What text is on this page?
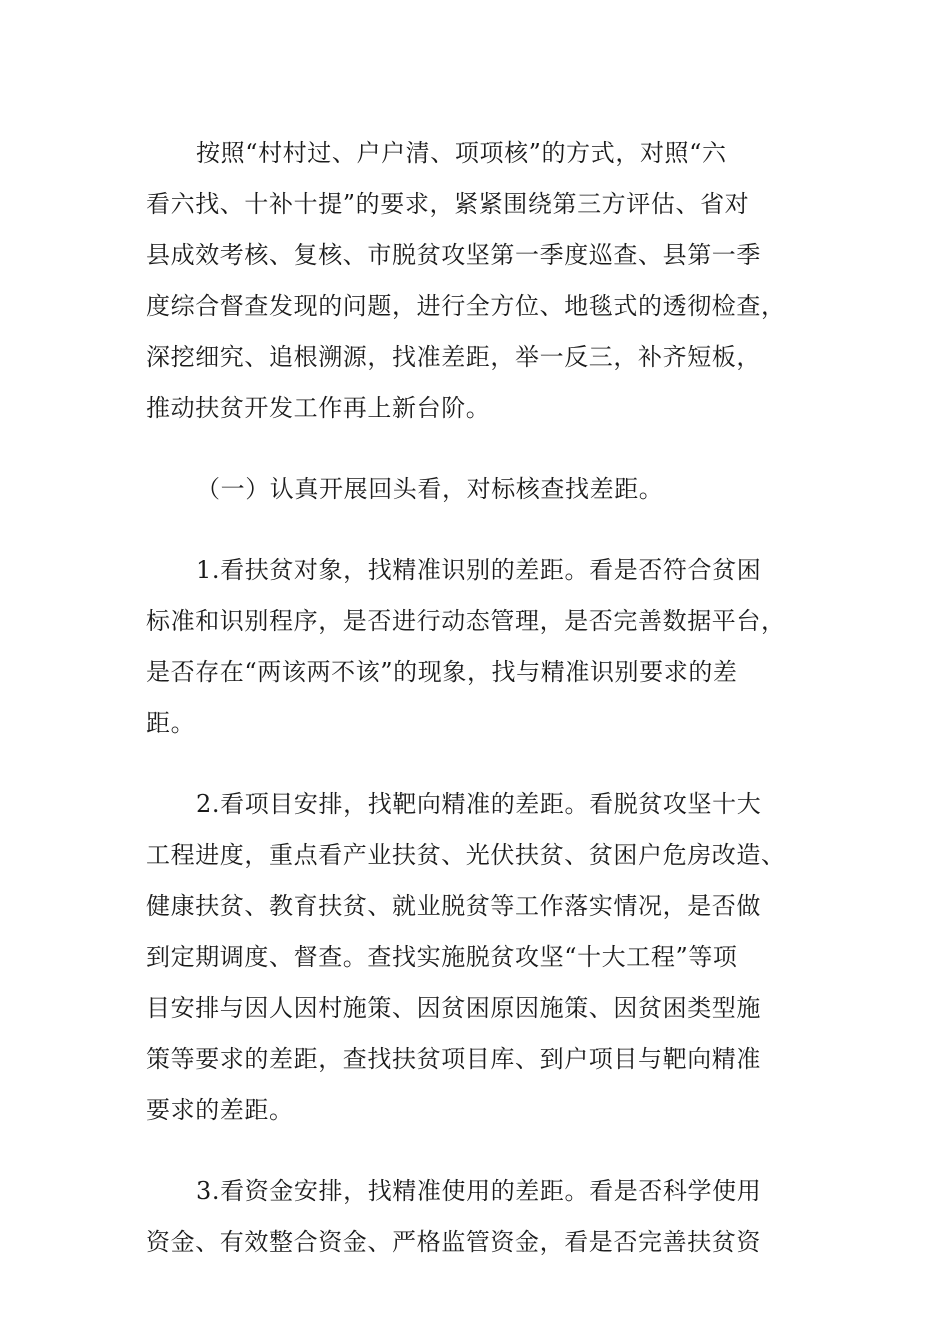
按照“村村过、户户清、项项核”的方式，对照“六
看六找、十补十提”的要求，紧紧围绕第三方评估、省对
县成效考核、复核、市脱贫攻坚第一季度巡查、县第一季
度综合督查发现的问题，进行全方位、地毯式的透彻检查，
深挖细究、追根溯源，找准差距，举一反三，补齐短板，
推动扶贫开发工作再上新台阶。
（一）认真开展回头看，对标核查找差距。
1.看扶贫对象，找精准识别的差距。看是否符合贫困
标准和识别程序，是否进行动态管理，是否完善数据平台，
是否存在“两该两不该”的现象，找与精准识别要求的差
距。
2.看项目安排，找靶向精准的差距。看脱贫攻坚十大
工程进度，重点看产业扶贫、光伏扶贫、贫困户危房改造、
健康扶贫、教育扶贫、就业脱贫等工作落实情况，是否做
到定期调度、督查。查找实施脱贫攻坚“十大工程”等项
目安排与因人因村施策、因贫困原因施策、因贫困类型施
策等要求的差距，查找扶贫项目库、到户项目与靶向精准
要求的差距。
3.看资金安排，找精准使用的差距。看是否科学使用
资金、有效整合资金、严格监管资金，看是否完善扶贫资
